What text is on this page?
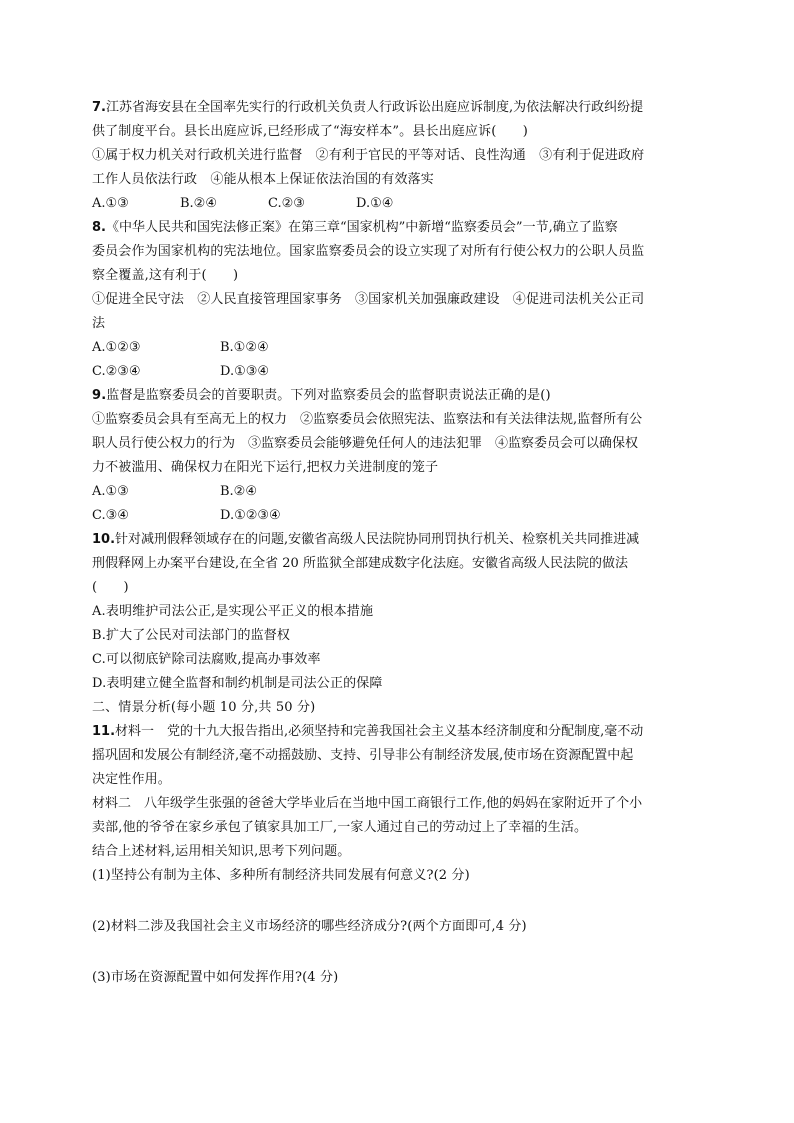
7.江苏省海安县在全国率先实行的行政机关负责人行政诉讼出庭应诉制度,为依法解决行政纠纷提
供了制度平台。县长出庭应诉,已经形成了“海安样本”。县长出庭应诉(　　)
①属于权力机关对行政机关进行监督　②有利于官民的平等对话、良性沟通　③有利于促进政府
工作人员依法行政　④能从根本上保证依法治国的有效落实
A.①③	B.②④	C.②③	D.①④
8.《中华人民共和国宪法修正案》在第三章“国家机构”中新增“监察委员会”一节,确立了监察
委员会作为国家机构的宪法地位。国家监察委员会的设立实现了对所有行使公权力的公职人员监
察全覆盖,这有利于(　　)
①促进全民守法　②人民直接管理国家事务　③国家机关加强廉政建设　④促进司法机关公正司
法
A.①②③	B.①②④
C.②③④	D.①③④
9.监督是监察委员会的首要职责。下列对监察委员会的监督职责说法正确的是()
①监察委员会具有至高无上的权力　②监察委员会依照宪法、监察法和有关法律法规,监督所有公
职人员行使公权力的行为　③监察委员会能够避免任何人的违法犯罪　④监察委员会可以确保权
力不被滥用、确保权力在阳光下运行,把权力关进制度的笼子
A.①③	B.②④
C.③④	D.①②③④
10.针对减刑假释领域存在的问题,安徽省高级人民法院协同刑罚执行机关、检察机关共同推进减
刑假释网上办案平台建设,在全省 20 所监狱全部建成数字化法庭。安徽省高级人民法院的做法
(　　)
A.表明维护司法公正,是实现公平正义的根本措施
B.扩大了公民对司法部门的监督权
C.可以彻底铲除司法腐败,提高办事效率
D.表明建立健全监督和制约机制是司法公正的保障
二、情景分析(每小题 10 分,共 50 分)
11.材料一　党的十九大报告指出,必须坚持和完善我国社会主义基本经济制度和分配制度,毫不动
摇巩固和发展公有制经济,毫不动摇鼓励、支持、引导非公有制经济发展,使市场在资源配置中起
决定性作用。
材料二　八年级学生张强的爸爸大学毕业后在当地中国工商银行工作,他的妈妈在家附近开了个小
卖部,他的爷爷在家乡承包了镇家具加工厂,一家人通过自己的劳动过上了幸福的生活。
结合上述材料,运用相关知识,思考下列问题。
(1)坚持公有制为主体、多种所有制经济共同发展有何意义?(2 分)
(2)材料二涉及我国社会主义市场经济的哪些经济成分?(两个方面即可,4 分)
(3)市场在资源配置中如何发挥作用?(4 分)
